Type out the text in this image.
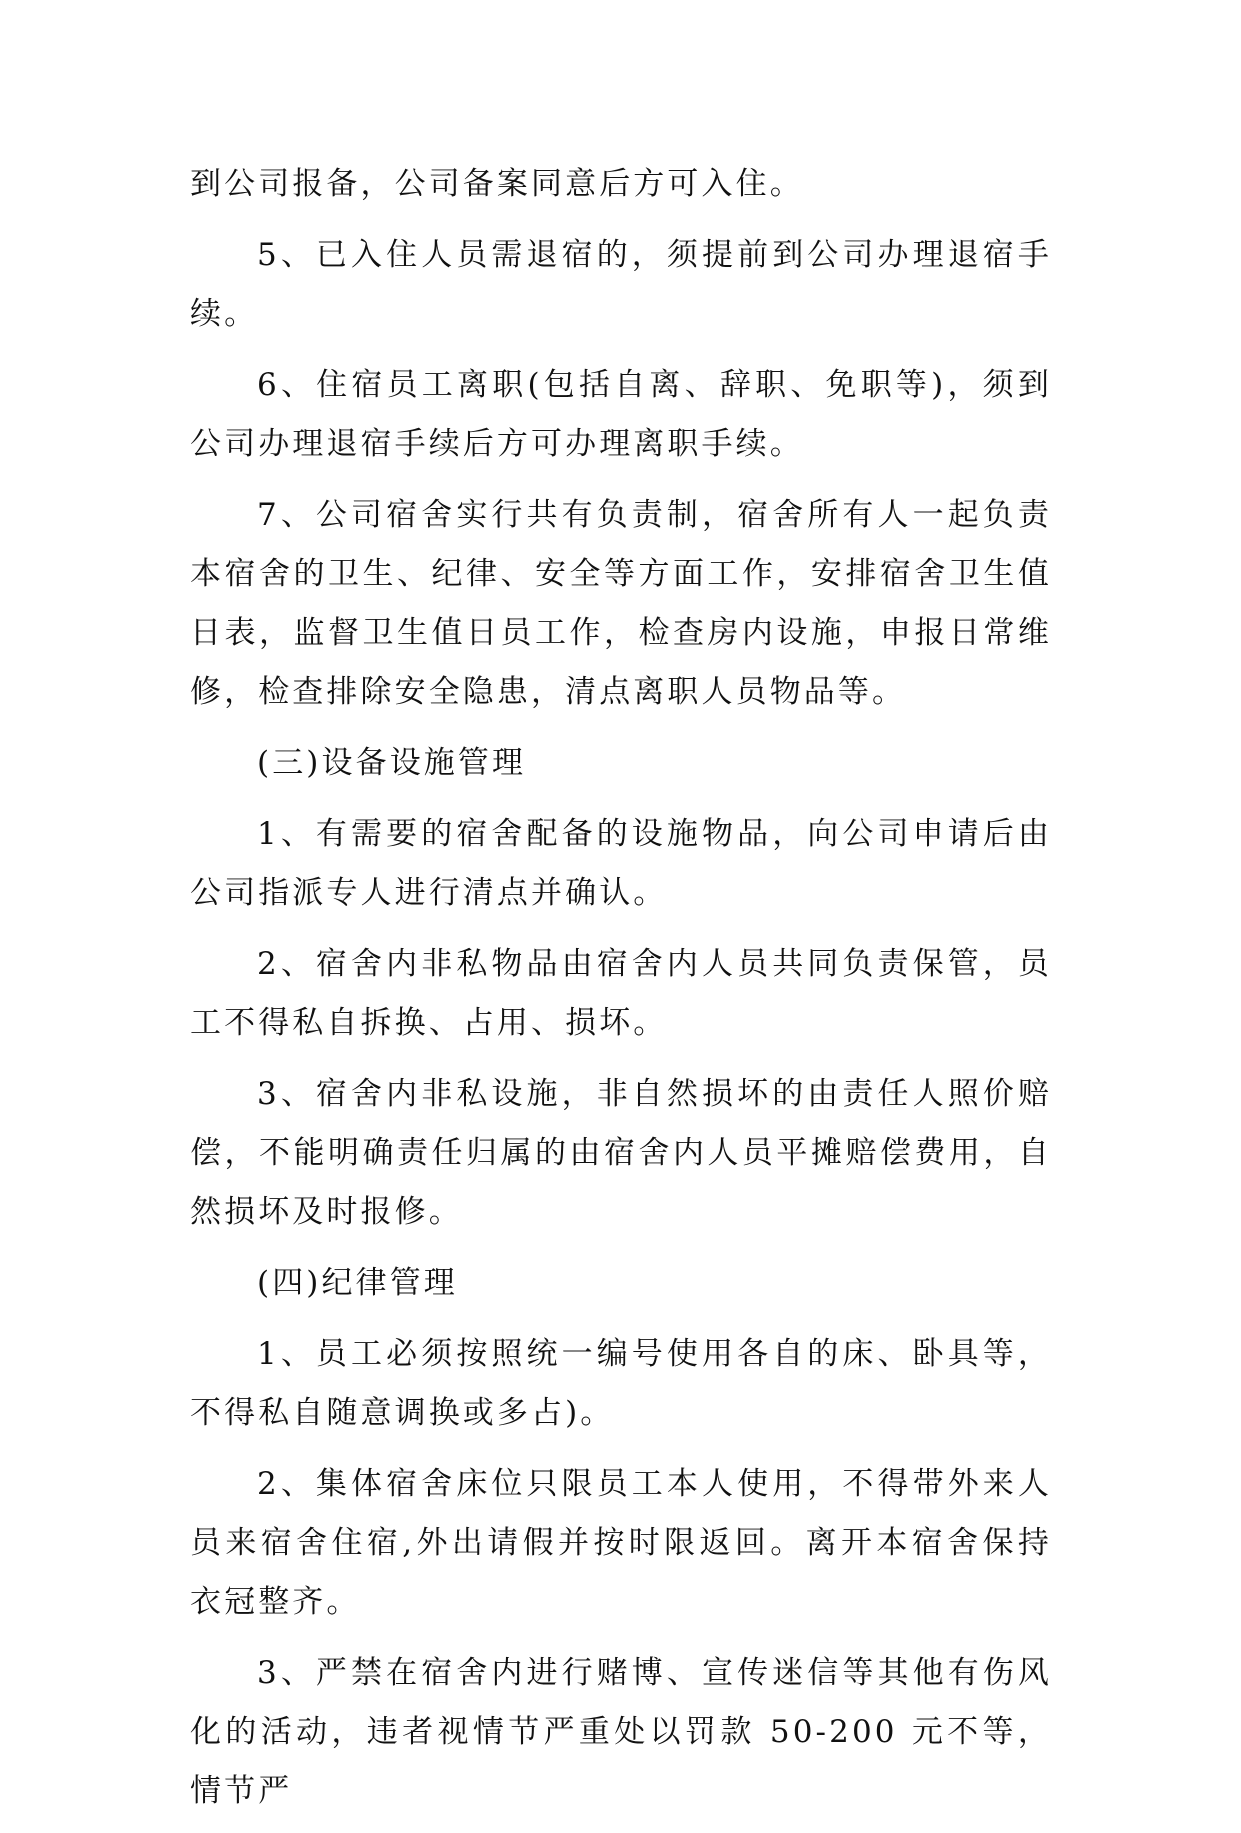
到公司报备，公司备案同意后方可入住。

5、已入住人员需退宿的，须提前到公司办理退宿手续。

6、住宿员工离职(包括自离、辞职、免职等)，须到公司办理退宿手续后方可办理离职手续。

7、公司宿舍实行共有负责制，宿舍所有人一起负责本宿舍的卫生、纪律、安全等方面工作，安排宿舍卫生值日表，监督卫生值日员工作，检查房内设施，申报日常维修，检查排除安全隐患，清点离职人员物品等。

(三)设备设施管理

1、有需要的宿舍配备的设施物品，向公司申请后由公司指派专人进行清点并确认。

2、宿舍内非私物品由宿舍内人员共同负责保管，员工不得私自拆换、占用、损坏。

3、宿舍内非私设施，非自然损坏的由责任人照价赔偿，不能明确责任归属的由宿舍内人员平摊赔偿费用，自然损坏及时报修。

(四)纪律管理

1、员工必须按照统一编号使用各自的床、卧具等，不得私自随意调换或多占)。

2、集体宿舍床位只限员工本人使用，不得带外来人员来宿舍住宿,外出请假并按时限返回。离开本宿舍保持衣冠整齐。

3、严禁在宿舍内进行赌博、宣传迷信等其他有伤风化的活动，违者视情节严重处以罚款 50-200 元不等，情节严
